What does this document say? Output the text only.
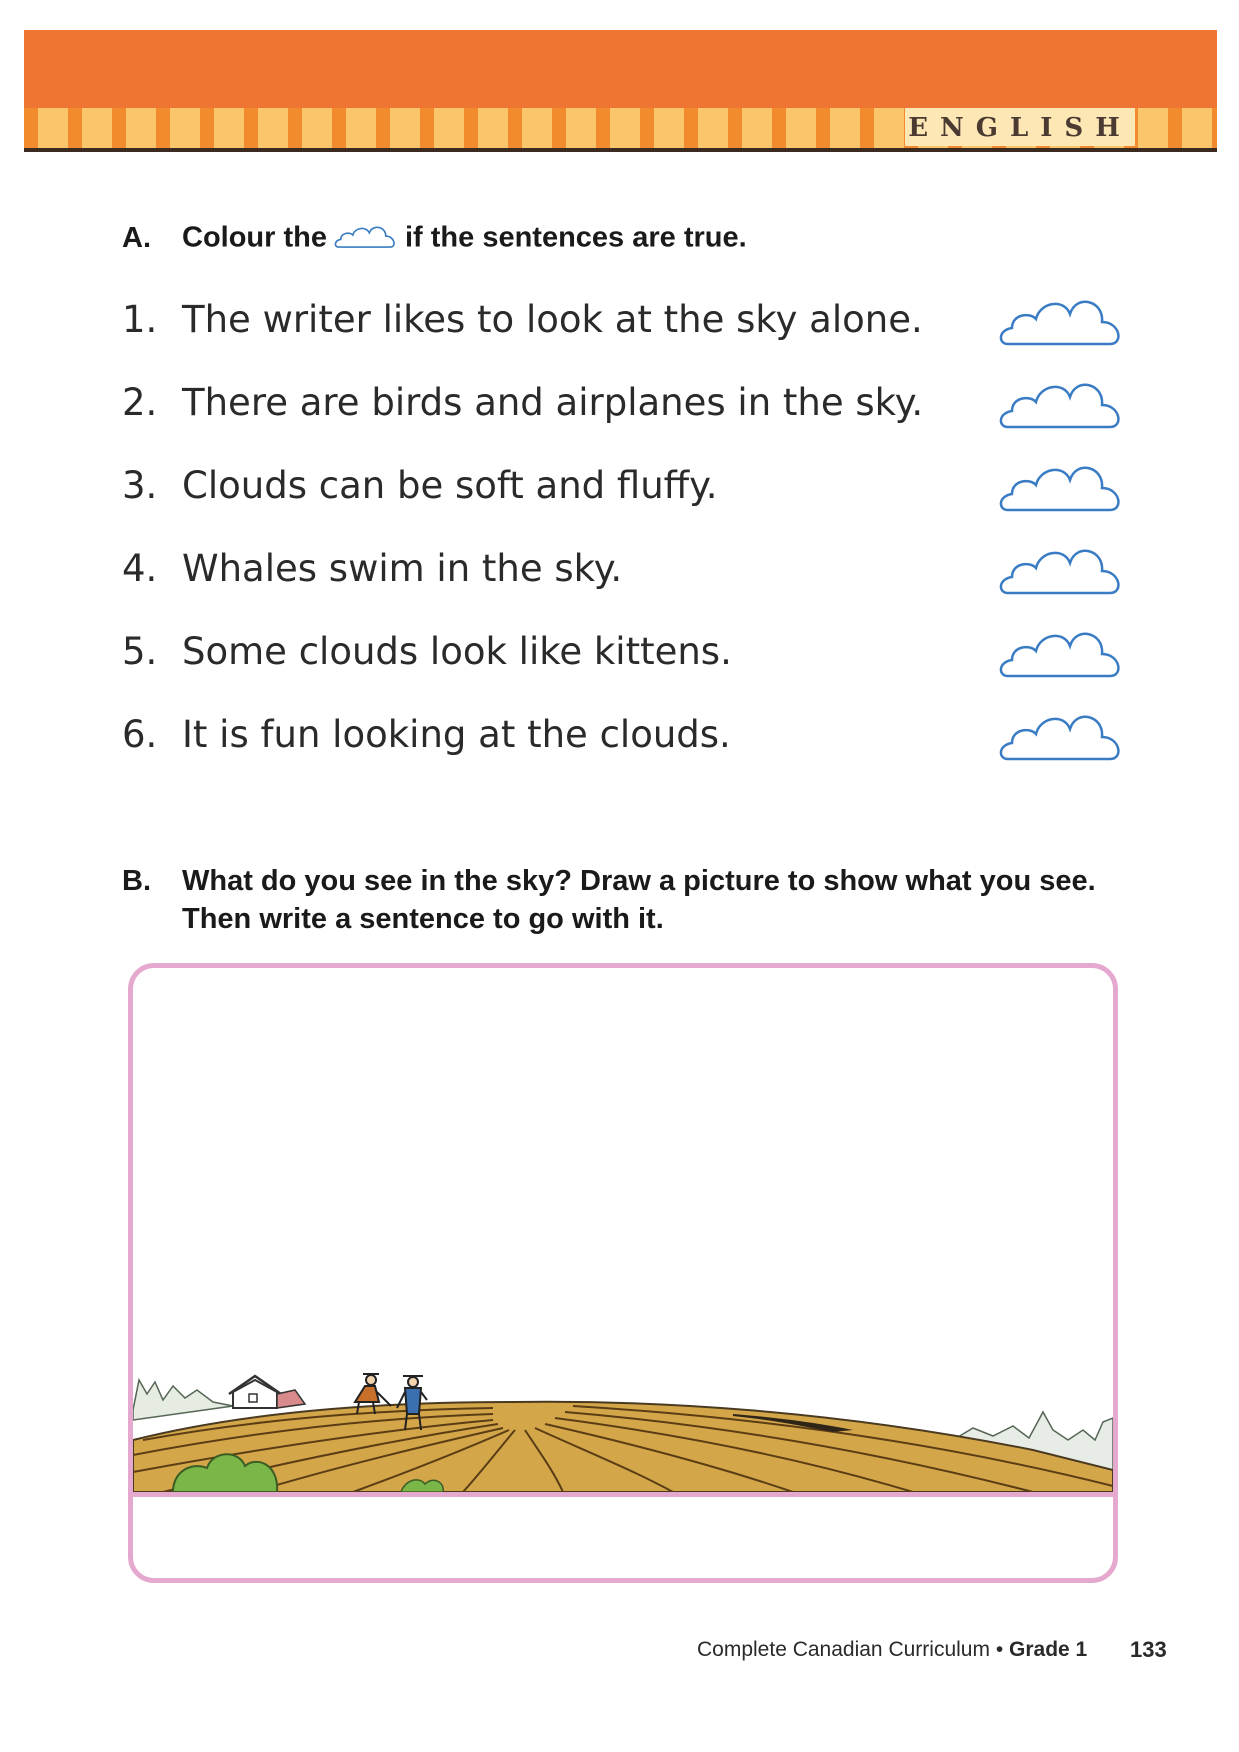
ENGLISH
A. Colour the	if the sentences are true.
1. The writer likes to look at the sky alone.
2. There are birds and airplanes in the sky.
3. Clouds can be soft and fluffy.
4. Whales swim in the sky.
5. Some clouds look like kittens.
6. It is fun looking at the clouds.
B. What do you see in the sky? Draw a picture to show what you see.
Then write a sentence to go with it.
Complete Canadian Curriculum • Grade 1 133
